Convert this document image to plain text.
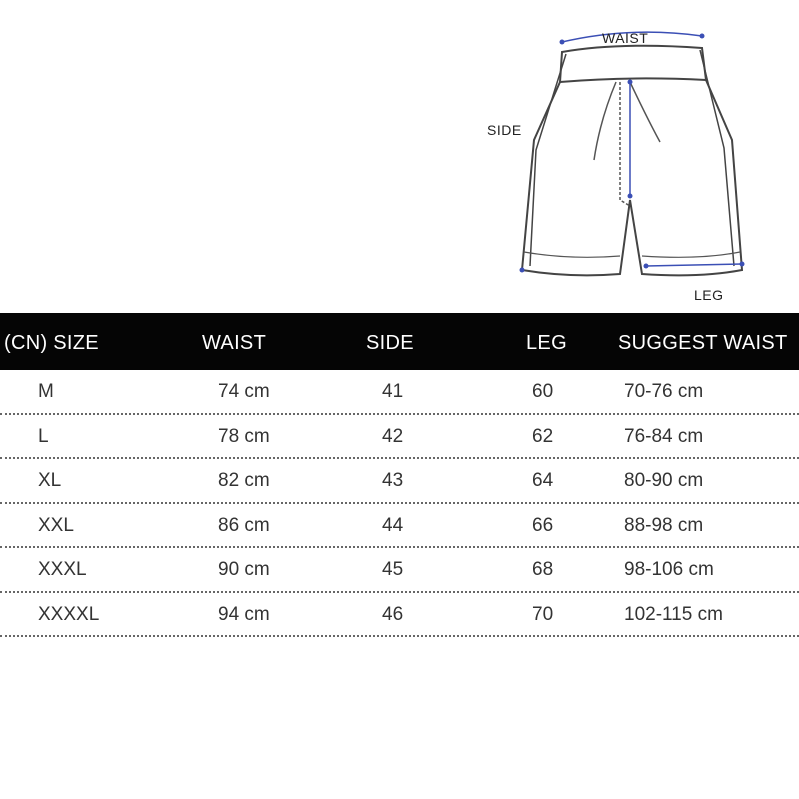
WAIST
SIDE
LEG
(CN) SIZE	WAIST	SIDE	LEG	SUGGEST WAIST
M	74 cm	41	60	70-76 cm
L	78 cm	42	62	76-84 cm
XL	82 cm	43	64	80-90 cm
XXL	86 cm	44	66	88-98 cm
XXXL	90 cm	45	68	98-106 cm
XXXXL	94 cm	46	70	102-115 cm
